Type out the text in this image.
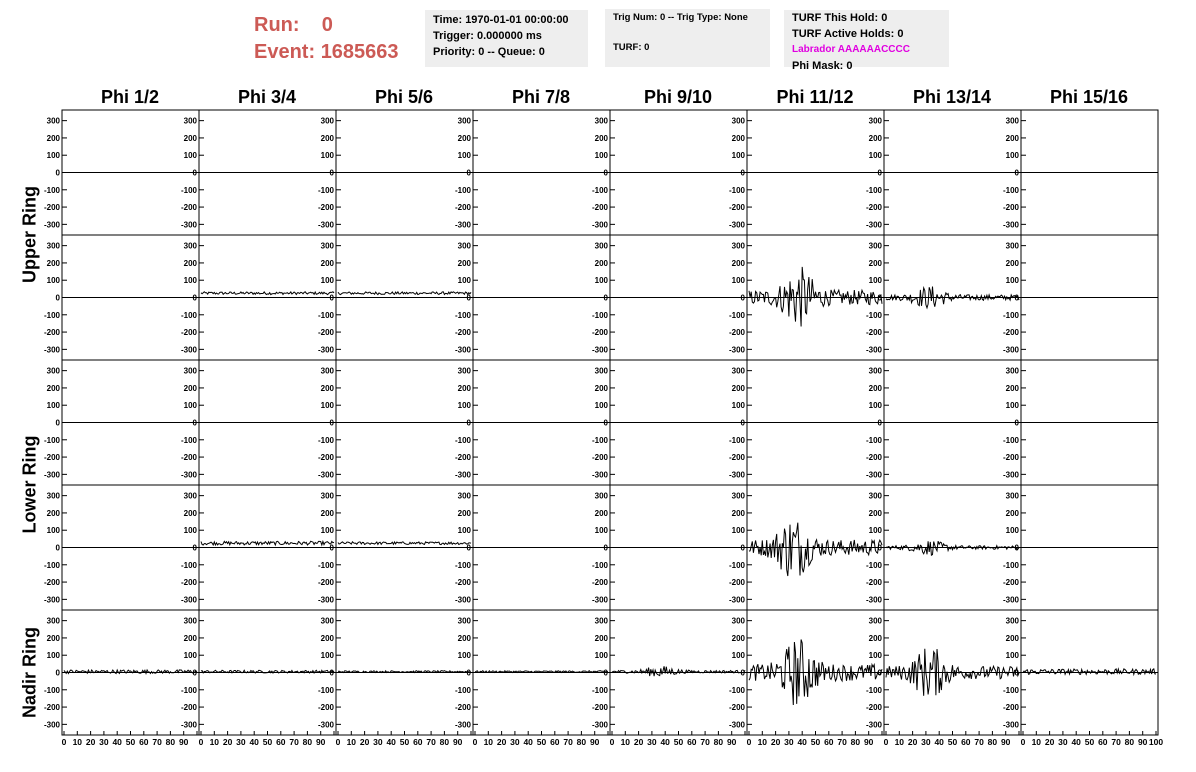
Run: 0
Event: 1685663
Time: 1970-01-01 00:00:00
Trigger: 0.000000 ms
Priority: 0 -- Queue: 0
Trig Num: 0 -- Trig Type: None
TURF: 0
TURF This Hold: 0
TURF Active Holds: 0
Labrador AAAAAACCCC
Phi Mask: 0
Phi 1/2	Phi 3/4	Phi 5/6	Phi 7/8	Phi 9/10	Phi 11/12	Phi 13/14	Phi 15/16
Upper Ring
Lower Ring
Nadir Ring
300
200
100
0
-100
-200
-300
300
200
100
0
-100
-200
-300
300
200
100
0
-100
-200
-300
300
200
100
0
-100
-200
-300
300
200
100
0
-100
-200
-300
300
200
100
0
-100
-200
-300
300
200
100
0
-100
-200
-300
300
200
100
0
-100
-200
-300
300
200
100
0
-100
-200
-300
300
200
100
0
-100
-200
-300
300
200
100
0
-100
-200
-300
300
200
100
0
-100
-200
-300
300
200
100
0
-100
-200
-300
300
200
100
0
-100
-200
-300
300
200
100
0
-100
-200
-300
300
200
100
0
-100
-200
-300
300
200
100
0
-100
-200
-300
300
200
100
0
-100
-200
-300
300
200
100
0
-100
-200
-300
300
200
100
0
-100
-200
-300
300
200
100
0
-100
-200
-300
300
200
100
0
-100
-200
-300
300
200
100
0
-100
-200
-300
300
200
100
0
-100
-200
-300
300
200
100
0
-100
-200
-300
300
200
100
0
-100
-200
-300
300
200
100
0
-100
-200
-300
300
200
100
0
-100
-200
-300
300
200
100
0
-100
-200
-300
300
200
100
0
-100
-200
-300
300
200
100
0
-100
-200
-300
300
200
100
0
-100
-200
-300
300
200
100
0
-100
-200
-300
0 10 20 30 40 50 60 70 80 90
300
200
100
0
-100
-200
-300
0 10 20 30 40 50 60 70 80 90
300
200
100
0
-100
-200
-300
0 10 20 30 40 50 60 70 80 90
300
200
100
0
-100
-200
-300
0 10 20 30 40 50 60 70 80 90
300
200
100
0
-100
-200
-300
0 10 20 30 40 50 60 70 80 90
300
200
100
0
-100
-200
-300
0 10 20 30 40 50 60 70 80 90
300
200
100
0
-100
-200
-300
0 10 20 30 40 50 60 70 80 90
300
200
100
0
-100
-200
-300
0 10 20 30 40 50 60 70 80 90 100
